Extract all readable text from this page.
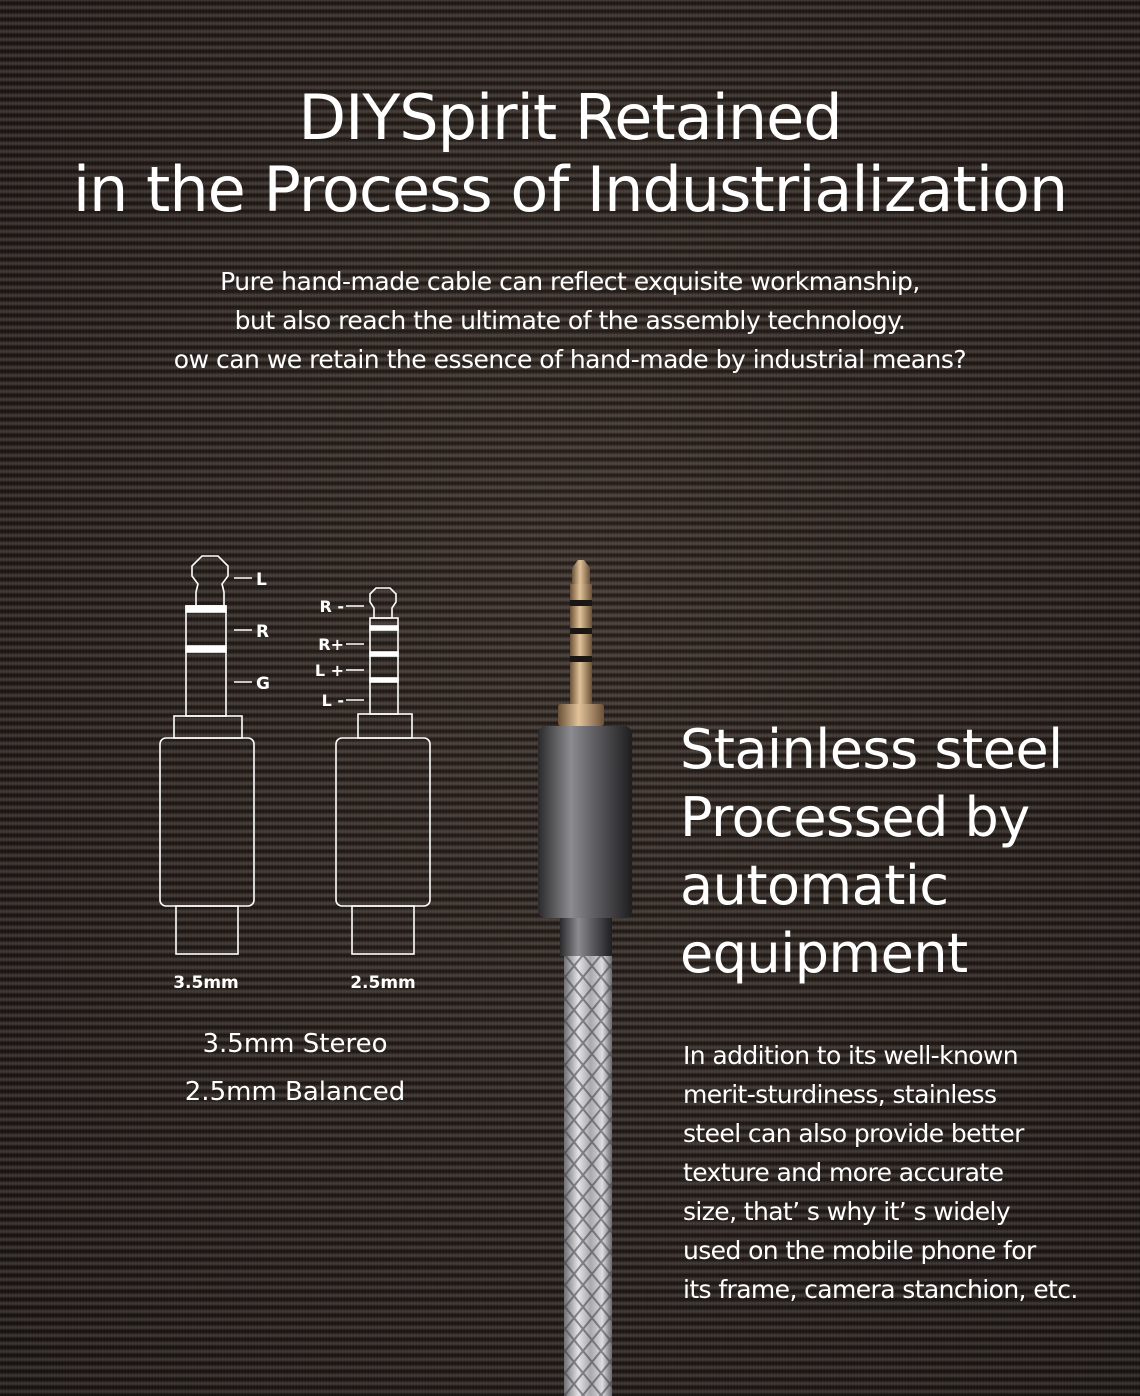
DIYSpirit Retained
in the Process of Industrialization

Pure hand-made cable can reflect exquisite workmanship,
but also reach the ultimate of the assembly technology.
ow can we retain the essence of hand-made by industrial means?

L
R
G
R -
R+
L +
L -
3.5mm	2.5mm
3.5mm Stereo
2.5mm Balanced
Stainless steel
Processed by
automatic
equipment

In addition to its well-known
merit-sturdiness, stainless
steel can also provide better
texture and more accurate
size, that’ s why it’ s widely
used on the mobile phone for
its frame, camera stanchion, etc.
